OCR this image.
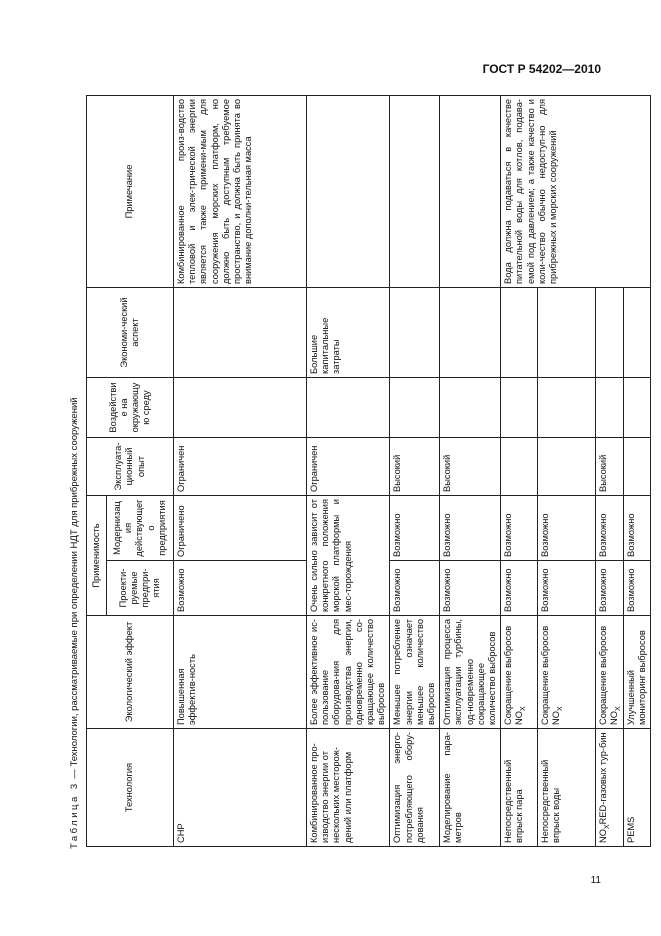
ГОСТ Р 54202—2010
Таблица 3 — Технологии, рассматриваемые при определении НДТ для прибрежных сооружений
Технология	Экологический эффект	Применимость		Эксплуата-ционный опыт	Воздействие на окружающую среду	Экономи-ческий аспект	Примечание
		Проекти-руемые предпри-ятия	Модернизация действующего предприятия				
CHP	Повышенная эффектив-ность	Возможно	Ограничено	Ограничен			Комбинированное произ-водство тепловой и элек-трической энергии является также примени-мым для сооружения морских платформ, но должно быть доступным требуемое пространство, и должна быть принята во внимание дополни-тельная масса
Комбинированное про-изводство энергии от нескольких месторож-дений или платформ	Более эффективное ис-пользование оборудова-ния для производства энергии, одновременно со-кращающее количество выбросов	Очень сильно зависит от конкретного положения морской платформы и мес-торождения		Ограничен		Большие капитальные затраты	
Оптимизация энерго-потребляющего обору-дования	Меньшее потребление энергии означает меньшее количество выбросов	Возможно	Возможно	Высокий			
Моделирование пара-метров	Оптимизация процесса эксплуатации турбины, од-новременно сокращающее количество выбросов	Возможно	Возможно	Высокий			
Непосредственный впрыск пара	Сокращение выбросов $NO_X$	Возможно	Возможно				Вода должна подаваться в качестве питательной воды для котлов, подава-емой под давлением; а также качество и коли-чество обычно недоступ-но для прибрежных и морских сооружений
Непосредственный впрыск воды	Сокращение выбросов $NO_X$	Возможно	Возможно				
$NO_XRED$-газовых тур-бин	Сокращение выбросов $NO_X$	Возможно	Возможно	Высокий			
PEMS	Улучшенный мониторинг выбросов	Возможно	Возможно				
11
